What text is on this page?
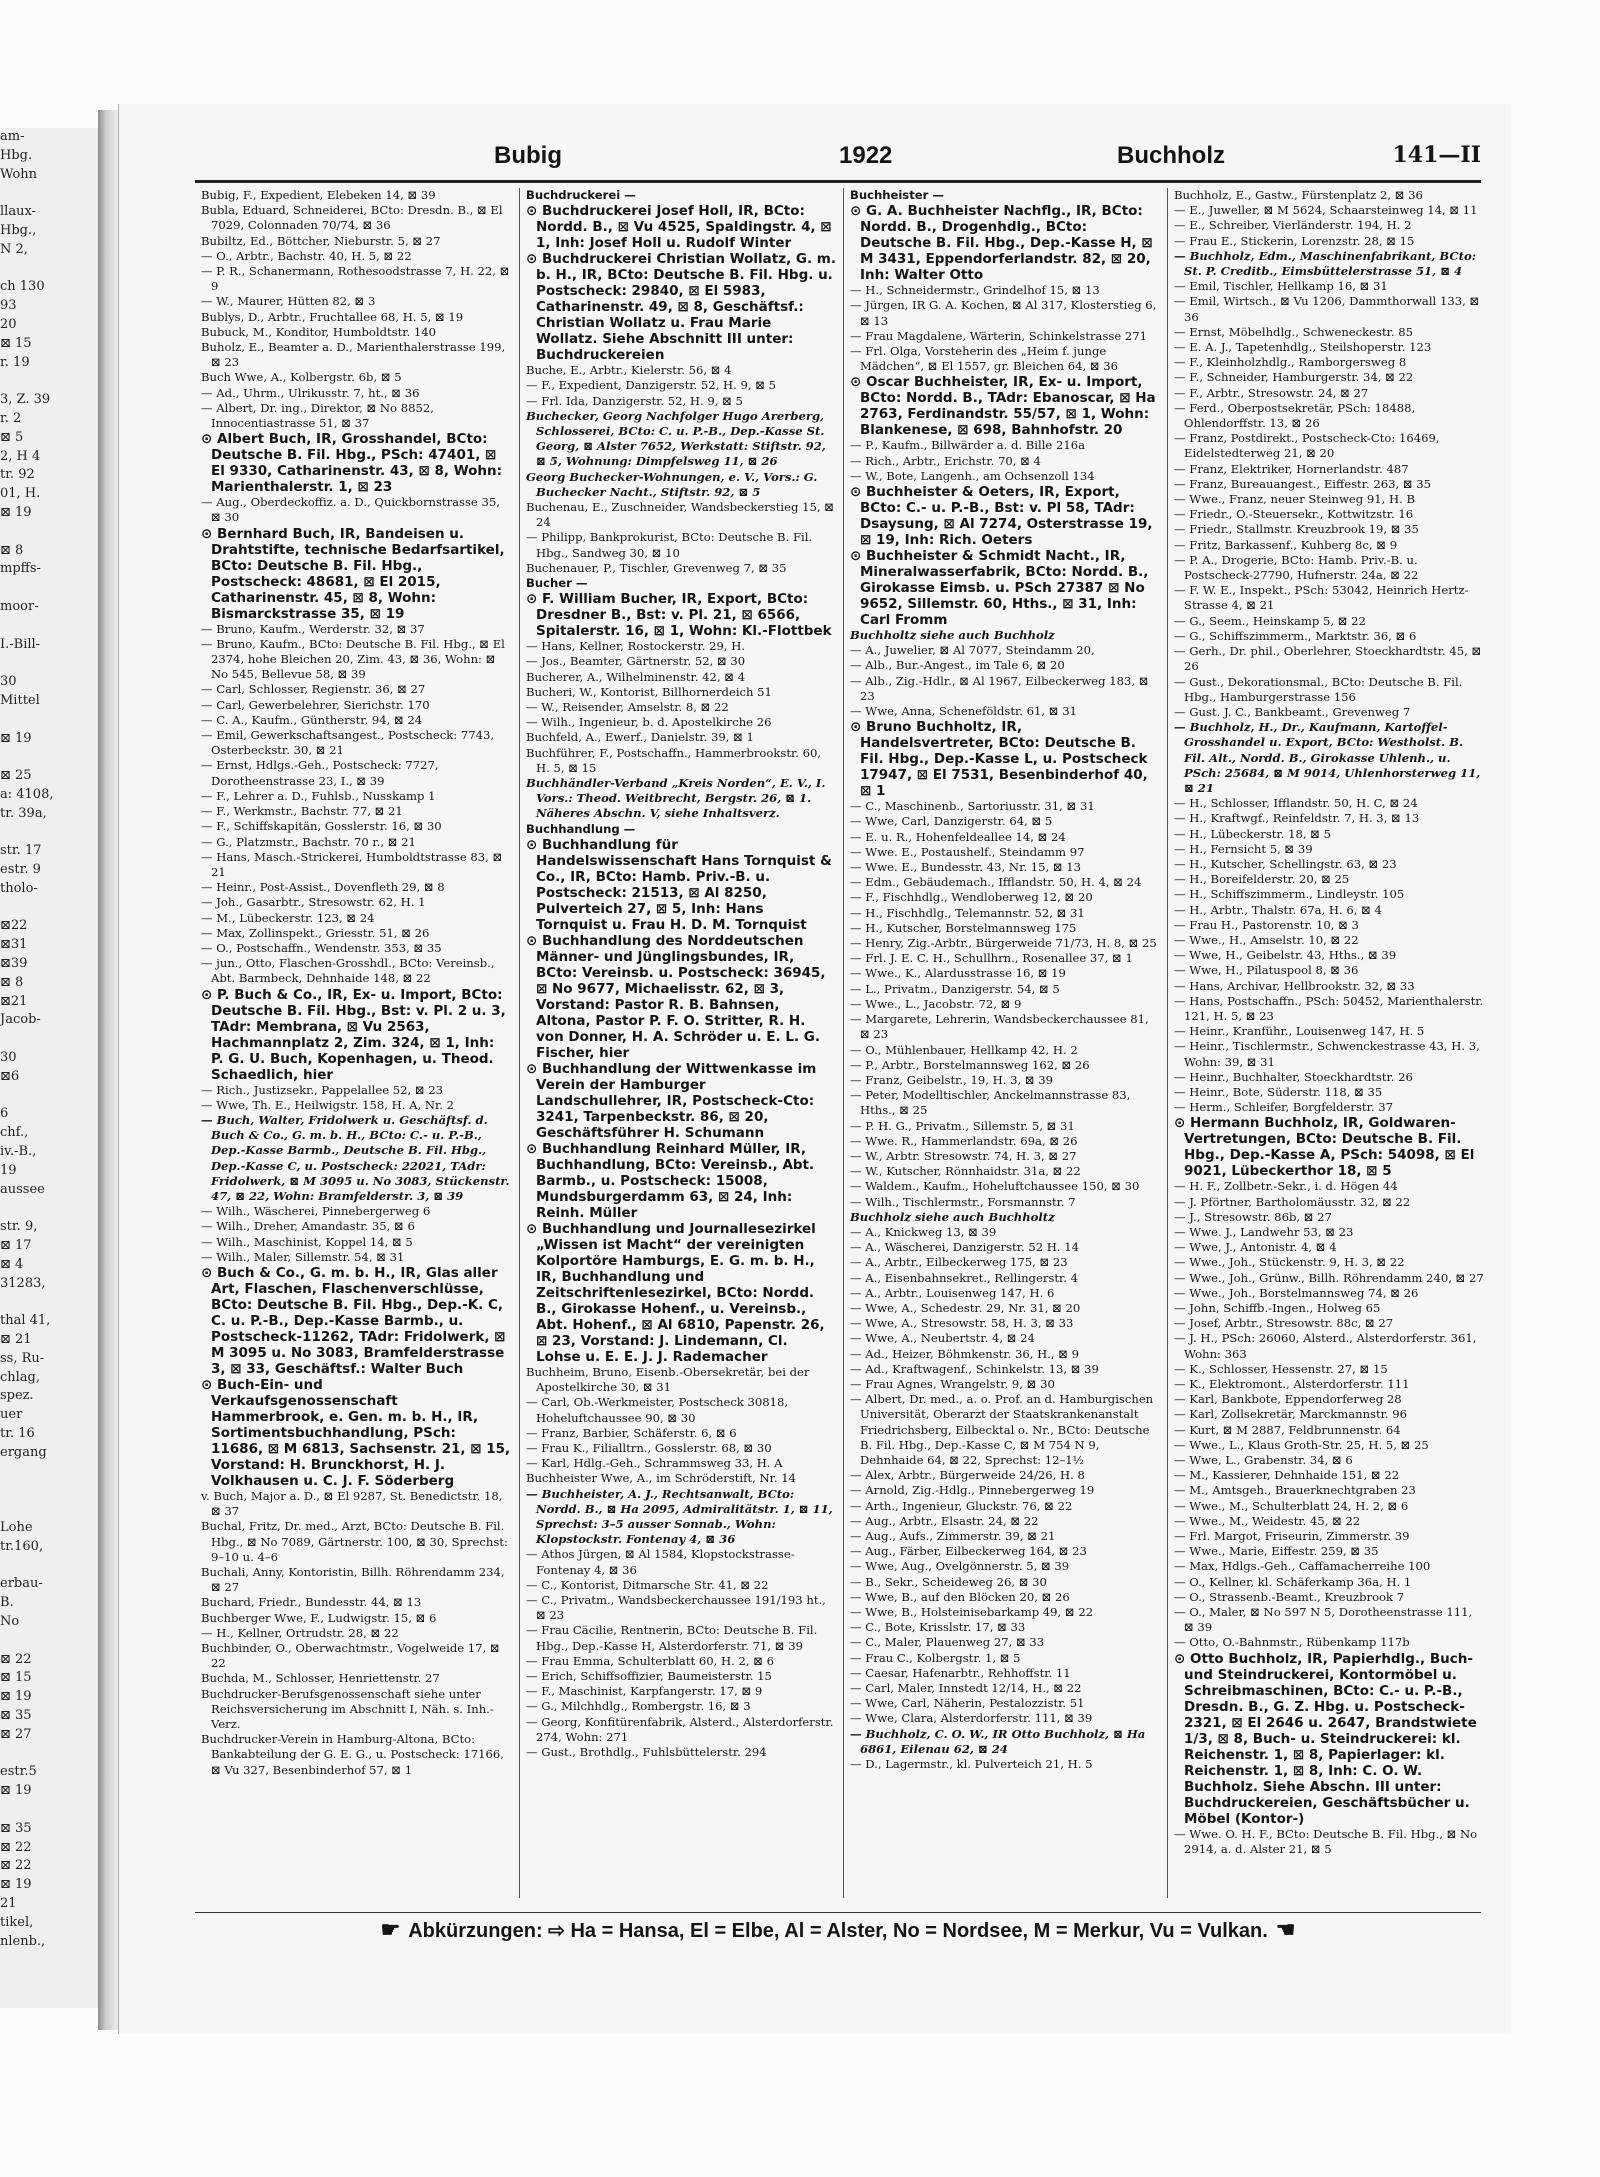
am-
Hbg.
Wohn

llaux-
Hbg.,
N 2,

ch 130
93
20
⊠ 15
r. 19

3, Z. 39
r. 2
⊠ 5
2, H 4
tr. 92
01, H.
⊠ 19

⊠ 8
mpffs-

moor-

I.-Bill-

30
Mittel

⊠ 19

⊠ 25
a: 4108,
tr. 39a,

str. 17
estr. 9
tholo-

⊠22
⊠31
⊠39
⊠ 8
⊠21
Jacob-

30
⊠6

6
chf.,
iv.-B.,
19
aussee

str. 9,
⊠ 17
⊠ 4
31283,

thal 41,
⊠ 21
ss, Ru-
chlag,
spez.
uer
tr. 16
ergang

Lohe
tr.160,

erbau-
B.
No

⊠ 22
⊠ 15
⊠ 19
⊠ 35
⊠ 27

estr.5
⊠ 19

⊠ 35
⊠ 22
⊠ 22
⊠ 19
21
tikel,
nlenb.,
Bubig	1922	Buchholz	141—II

Bubig, F., Expedient, Elebeken 14, ⊠ 39

Bubla, Eduard, Schneiderei, BCto: Dresdn. B., ⊠ El 7029, Colonnaden 70/74, ⊠ 36

Bubiltz, Ed., Böttcher, Nieburstr. 5, ⊠ 27

— O., Arbtr., Bachstr. 40, H. 5, ⊠ 22

— P. R., Schanermann, Rothesoodstrasse 7, H. 22, ⊠ 9

— W., Maurer, Hütten 82, ⊠ 3

Bublys, D., Arbtr., Fruchtallee 68, H. 5, ⊠ 19

Bubuck, M., Konditor, Humboldtstr. 140

Buholz, E., Beamter a. D., Marienthalerstrasse 199, ⊠ 23

Buch Wwe, A., Kolbergstr. 6b, ⊠ 5

— Ad., Uhrm., Ulrikusstr. 7, ht., ⊠ 36

— Albert, Dr. ing., Direktor, ⊠ No 8852, Innocentiastrasse 51, ⊠ 37

⊙ Albert Buch, IR, Grosshandel, BCto: Deutsche B. Fil. Hbg., PSch: 47401, ⊠ El 9330, Catharinenstr. 43, ⊠ 8, Wohn: Marienthalerstr. 1, ⊠ 23

— Aug., Oberdeckoffiz. a. D., Quickbornstrasse 35, ⊠ 30

⊙ Bernhard Buch, IR, Bandeisen u. Drahtstifte, technische Bedarfsartikel, BCto: Deutsche B. Fil. Hbg., Postscheck: 48681, ⊠ El 2015, Catharinenstr. 45, ⊠ 8, Wohn: Bismarckstrasse 35, ⊠ 19

— Bruno, Kaufm., Werderstr. 32, ⊠ 37

— Bruno, Kaufm., BCto: Deutsche B. Fil. Hbg., ⊠ El 2374, hohe Bleichen 20, Zim. 43, ⊠ 36, Wohn: ⊠ No 545, Bellevue 58, ⊠ 39

— Carl, Schlosser, Regienstr. 36, ⊠ 27

— Carl, Gewerbelehrer, Sierichstr. 170

— C. A., Kaufm., Güntherstr. 94, ⊠ 24

— Emil, Gewerkschaftsangest., Postscheck: 7743, Osterbeckstr. 30, ⊠ 21

— Ernst, Hdlgs.-Geh., Postscheck: 7727, Dorotheenstrasse 23, I., ⊠ 39

— F., Lehrer a. D., Fuhlsb., Nusskamp 1

— F., Werkmstr., Bachstr. 77, ⊠ 21

— F., Schiffskapitän, Gosslerstr. 16, ⊠ 30

— G., Platzmstr., Bachstr. 70 r., ⊠ 21

— Hans, Masch.-Strickerei, Humboldtstrasse 83, ⊠ 21

— Heinr., Post-Assist., Dovenfleth 29, ⊠ 8

— Joh., Gasarbtr., Stresowstr. 62, H. 1

— M., Lübeckerstr. 123, ⊠ 24

— Max, Zollinspekt., Griesstr. 51, ⊠ 26

— O., Postschaffn., Wendenstr. 353, ⊠ 35

— jun., Otto, Flaschen-Grosshdl., BCto: Vereinsb., Abt. Barmbeck, Dehnhaide 148, ⊠ 22

⊙ P. Buch & Co., IR, Ex- u. Import, BCto: Deutsche B. Fil. Hbg., Bst: v. Pl. 2 u. 3, TAdr: Membrana, ⊠ Vu 2563, Hachmannplatz 2, Zim. 324, ⊠ 1, Inh: P. G. U. Buch, Kopenhagen, u. Theod. Schaedlich, hier

— Rich., Justizsekr., Pappelallee 52, ⊠ 23

— Wwe, Th. E., Heilwigstr. 158, H. A, Nr. 2

— Buch, Walter, Fridolwerk u. Geschäftsf. d. Buch & Co., G. m. b. H., BCto: C.- u. P.-B., Dep.-Kasse Barmb., Deutsche B. Fil. Hbg., Dep.-Kasse C, u. Postscheck: 22021, TAdr: Fridolwerk, ⊠ M 3095 u. No 3083, Stückenstr. 47, ⊠ 22, Wohn: Bramfelderstr. 3, ⊠ 39

— Wilh., Wäscherei, Pinnebergerweg 6

— Wilh., Dreher, Amandastr. 35, ⊠ 6

— Wilh., Maschinist, Koppel 14, ⊠ 5

— Wilh., Maler, Sillemstr. 54, ⊠ 31

⊙ Buch & Co., G. m. b. H., IR, Glas aller Art, Flaschen, Flaschenverschlüsse, BCto: Deutsche B. Fil. Hbg., Dep.-K. C, C. u. P.-B., Dep.-Kasse Barmb., u. Postscheck-11262, TAdr: Fridolwerk, ⊠ M 3095 u. No 3083, Bramfelderstrasse 3, ⊠ 33, Geschäftsf.: Walter Buch

⊙ Buch-Ein- und Verkaufsgenossenschaft Hammerbrook, e. Gen. m. b. H., IR, Sortimentsbuchhandlung, PSch: 11686, ⊠ M 6813, Sachsenstr. 21, ⊠ 15, Vorstand: H. Brunckhorst, H. J. Volkhausen u. C. J. F. Söderberg

v. Buch, Major a. D., ⊠ El 9287, St. Benedictstr. 18, ⊠ 37

Buchal, Fritz, Dr. med., Arzt, BCto: Deutsche B. Fil. Hbg., ⊠ No 7089, Gärtnerstr. 100, ⊠ 30, Sprechst: 9–10 u. 4–6

Buchali, Anny, Kontoristin, Billh. Röhrendamm 234, ⊠ 27

Buchard, Friedr., Bundesstr. 44, ⊠ 13

Buchberger Wwe, F., Ludwigstr. 15, ⊠ 6

— H., Kellner, Ortrudstr. 28, ⊠ 22

Buchbinder, O., Oberwachtmstr., Vogelweide 17, ⊠ 22

Buchda, M., Schlosser, Henriettenstr. 27

Buchdrucker-Berufsgenossenschaft siehe unter Reichsversicherung im Abschnitt I, Näh. s. Inh.-Verz.

Buchdrucker-Verein in Hamburg-Altona, BCto: Bankabteilung der G. E. G., u. Postscheck: 17166, ⊠ Vu 327, Besenbinderhof 57, ⊠ 1

Buchdruckerei —

⊙ Buchdruckerei Josef Holl, IR, BCto: Nordd. B., ⊠ Vu 4525, Spaldingstr. 4, ⊠ 1, Inh: Josef Holl u. Rudolf Winter

⊙ Buchdruckerei Christian Wollatz, G. m. b. H., IR, BCto: Deutsche B. Fil. Hbg. u. Postscheck: 29840, ⊠ El 5983, Catharinenstr. 49, ⊠ 8, Geschäftsf.: Christian Wollatz u. Frau Marie Wollatz. Siehe Abschnitt III unter: Buchdruckereien

Buche, E., Arbtr., Kielerstr. 56, ⊠ 4

— F., Expedient, Danzigerstr. 52, H. 9, ⊠ 5

— Frl. Ida, Danzigerstr. 52, H. 9, ⊠ 5

Buchecker, Georg Nachfolger Hugo Arerberg, Schlosserei, BCto: C. u. P.-B., Dep.-Kasse St. Georg, ⊠ Alster 7652, Werkstatt: Stiftstr. 92, ⊠ 5, Wohnung: Dimpfelsweg 11, ⊠ 26

Georg Buchecker-Wohnungen, e. V., Vors.: G. Buchecker Nacht., Stiftstr. 92, ⊠ 5

Buchenau, E., Zuschneider, Wandsbeckerstieg 15, ⊠ 24

— Philipp, Bankprokurist, BCto: Deutsche B. Fil. Hbg., Sandweg 30, ⊠ 10

Buchenauer, P., Tischler, Grevenweg 7, ⊠ 35

Bucher —

⊙ F. William Bucher, IR, Export, BCto: Dresdner B., Bst: v. Pl. 21, ⊠ 6566, Spitalerstr. 16, ⊠ 1, Wohn: Kl.-Flottbek

— Hans, Kellner, Rostockerstr. 29, H.

— Jos., Beamter, Gärtnerstr. 52, ⊠ 30

Bucherer, A., Wilhelminenstr. 42, ⊠ 4

Bucheri, W., Kontorist, Billhornerdeich 51

— W., Reisender, Amselstr. 8, ⊠ 22

— Wilh., Ingenieur, b. d. Apostelkirche 26

Buchfeld, A., Ewerf., Danielstr. 39, ⊠ 1

Buchführer, F., Postschaffn., Hammerbrookstr. 60, H. 5, ⊠ 15

Buchhändler-Verband „Kreis Norden“, E. V., I. Vors.: Theod. Weitbrecht, Bergstr. 26, ⊠ 1. Näheres Abschn. V, siehe Inhaltsverz.

Buchhandlung —

⊙ Buchhandlung für Handelswissenschaft Hans Tornquist & Co., IR, BCto: Hamb. Priv.-B. u. Postscheck: 21513, ⊠ Al 8250, Pulverteich 27, ⊠ 5, Inh: Hans Tornquist u. Frau H. D. M. Tornquist

⊙ Buchhandlung des Norddeutschen Männer- und Jünglingsbundes, IR, BCto: Vereinsb. u. Postscheck: 36945, ⊠ No 9677, Michaelisstr. 62, ⊠ 3, Vorstand: Pastor R. B. Bahnsen, Altona, Pastor P. F. O. Stritter, R. H. von Donner, H. A. Schröder u. E. L. G. Fischer, hier

⊙ Buchhandlung der Wittwenkasse im Verein der Hamburger Landschullehrer, IR, Postscheck-Cto: 3241, Tarpenbeckstr. 86, ⊠ 20, Geschäftsführer H. Schumann

⊙ Buchhandlung Reinhard Müller, IR, Buchhandlung, BCto: Vereinsb., Abt. Barmb., u. Postscheck: 15008, Mundsburgerdamm 63, ⊠ 24, Inh: Reinh. Müller

⊙ Buchhandlung und Journallesezirkel „Wissen ist Macht“ der vereinigten Kolportöre Hamburgs, E. G. m. b. H., IR, Buchhandlung und Zeitschriftenlesezirkel, BCto: Nordd. B., Girokasse Hohenf., u. Vereinsb., Abt. Hohenf., ⊠ Al 6810, Papenstr. 26, ⊠ 23, Vorstand: J. Lindemann, Cl. Lohse u. E. E. J. J. Rademacher

Buchheim, Bruno, Eisenb.-Obersekretär, bei der Apostelkirche 30, ⊠ 31

— Carl, Ob.-Werkmeister, Postscheck 30818, Hoheluftchaussee 90, ⊠ 30

— Franz, Barbier, Schäferstr. 6, ⊠ 6

— Frau K., Filialltrn., Gosslerstr. 68, ⊠ 30

— Karl, Hdlg.-Geh., Schrammsweg 33, H. A

Buchheister Wwe, A., im Schröderstift, Nr. 14

— Buchheister, A. J., Rechtsanwalt, BCto: Nordd. B., ⊠ Ha 2095, Admiralitätstr. 1, ⊠ 11, Sprechst: 3–5 ausser Sonnab., Wohn: Klopstockstr. Fontenay 4, ⊠ 36

— Athos Jürgen, ⊠ Al 1584, Klopstockstrasse-Fontenay 4, ⊠ 36

— C., Kontorist, Ditmarsche Str. 41, ⊠ 22

— C., Privatm., Wandsbeckerchaussee 191/193 ht., ⊠ 23

— Frau Cäcilie, Rentnerin, BCto: Deutsche B. Fil. Hbg., Dep.-Kasse H, Alsterdorferstr. 71, ⊠ 39

— Frau Emma, Schulterblatt 60, H. 2, ⊠ 6

— Erich, Schiffsoffizier, Baumeisterstr. 15

— F., Maschinist, Karpfangerstr. 17, ⊠ 9

— G., Milchhdlg., Rombergstr. 16, ⊠ 3

— Georg, Konfitürenfabrik, Alsterd., Alsterdorferstr. 274, Wohn: 271

— Gust., Brothdlg., Fuhlsbüttelerstr. 294

Buchheister —

⊙ G. A. Buchheister Nachflg., IR, BCto: Nordd. B., Drogenhdlg., BCto: Deutsche B. Fil. Hbg., Dep.-Kasse H, ⊠ M 3431, Eppendorferlandstr. 82, ⊠ 20, Inh: Walter Otto

— H., Schneidermstr., Grindelhof 15, ⊠ 13

— Jürgen, IR G. A. Kochen, ⊠ Al 317, Klosterstieg 6, ⊠ 13

— Frau Magdalene, Wärterin, Schinkelstrasse 271

— Frl. Olga, Vorsteherin des „Heim f. junge Mädchen“, ⊠ El 1557, gr. Bleichen 64, ⊠ 36

⊙ Oscar Buchheister, IR, Ex- u. Import, BCto: Nordd. B., TAdr: Ebanoscar, ⊠ Ha 2763, Ferdinandstr. 55/57, ⊠ 1, Wohn: Blankenese, ⊠ 698, Bahnhofstr. 20

— P., Kaufm., Billwärder a. d. Bille 216a

— Rich., Arbtr., Erichstr. 70, ⊠ 4

— W., Bote, Langenh., am Ochsenzoll 134

⊙ Buchheister & Oeters, IR, Export, BCto: C.- u. P.-B., Bst: v. Pl 58, TAdr: Dsaysung, ⊠ Al 7274, Osterstrasse 19, ⊠ 19, Inh: Rich. Oeters

⊙ Buchheister & Schmidt Nacht., IR, Mineralwasserfabrik, BCto: Nordd. B., Girokasse Eimsb. u. PSch 27387 ⊠ No 9652, Sillemstr. 60, Hths., ⊠ 31, Inh: Carl Fromm

Buchholtz siehe auch Buchholz

— A., Juwelier, ⊠ Al 7077, Steindamm 20,

— Alb., Bur.-Angest., im Tale 6, ⊠ 20

— Alb., Zig.-Hdlr., ⊠ Al 1967, Eilbeckerweg 183, ⊠ 23

— Wwe, Anna, Scheneföldstr. 61, ⊠ 31

⊙ Bruno Buchholtz, IR, Handelsvertreter, BCto: Deutsche B. Fil. Hbg., Dep.-Kasse L, u. Postscheck 17947, ⊠ El 7531, Besenbinderhof 40, ⊠ 1

— C., Maschinenb., Sartoriusstr. 31, ⊠ 31

— Wwe, Carl, Danzigerstr. 64, ⊠ 5

— E. u. R., Hohenfeldeallee 14, ⊠ 24

— Wwe. E., Postaushelf., Steindamm 97

— Wwe. E., Bundesstr. 43, Nr. 15, ⊠ 13

— Edm., Gebäudemach., Ifflandstr. 50, H. 4, ⊠ 24

— F., Fischhdlg., Wendloberweg 12, ⊠ 20

— H., Fischhdlg., Telemannstr. 52, ⊠ 31

— H., Kutscher, Borstelmannsweg 175

— Henry, Zig.-Arbtr., Bürgerweide 71/73, H. 8, ⊠ 25

— Frl. J. E. C. H., Schullhrn., Rosenallee 37, ⊠ 1

— Wwe., K., Alardusstrasse 16, ⊠ 19

— L., Privatm., Danzigerstr. 54, ⊠ 5

— Wwe., L., Jacobstr. 72, ⊠ 9

— Margarete, Lehrerin, Wandsbeckerchaussee 81, ⊠ 23

— O., Mühlenbauer, Hellkamp 42, H. 2

— P., Arbtr., Borstelmannsweg 162, ⊠ 26

— Franz, Geibelstr., 19, H. 3, ⊠ 39

— Peter, Modelltischler, Anckelmannstrasse 83, Hths., ⊠ 25

— P. H. G., Privatm., Sillemstr. 5, ⊠ 31

— Wwe. R., Hammerlandstr. 69a, ⊠ 26

— W., Arbtr. Stresowstr. 74, H. 3, ⊠ 27

— W., Kutscher, Rönnhaidstr. 31a, ⊠ 22

— Waldem., Kaufm., Hoheluftchaussee 150, ⊠ 30

— Wilh., Tischlermstr., Forsmannstr. 7

Buchholz siehe auch Buchholtz

— A., Knickweg 13, ⊠ 39

— A., Wäscherei, Danzigerstr. 52 H. 14

— A., Arbtr., Eilbeckerweg 175, ⊠ 23

— A., Eisenbahnsekret., Rellingerstr. 4

— A., Arbtr., Louisenweg 147, H. 6

— Wwe, A., Schedestr. 29, Nr. 31, ⊠ 20

— Wwe, A., Stresowstr. 58, H. 3, ⊠ 33

— Wwe, A., Neubertstr. 4, ⊠ 24

— Ad., Heizer, Böhmkenstr. 36, H., ⊠ 9

— Ad., Kraftwagenf., Schinkelstr. 13, ⊠ 39

— Frau Agnes, Wrangelstr. 9, ⊠ 30

— Albert, Dr. med., a. o. Prof. an d. Hamburgischen Universität, Oberarzt der Staatskrankenanstalt Friedrichsberg, Eilbecktal o. Nr., BCto: Deutsche B. Fil. Hbg., Dep.-Kasse C, ⊠ M 754 N 9, Dehnhaide 64, ⊠ 22, Sprechst: 12–1½

— Alex, Arbtr., Bürgerweide 24/26, H. 8

— Arnold, Zig.-Hdlg., Pinnebergerweg 19

— Arth., Ingenieur, Gluckstr. 76, ⊠ 22

— Aug., Arbtr., Elsastr. 24, ⊠ 22

— Aug., Aufs., Zimmerstr. 39, ⊠ 21

— Aug., Färber, Eilbeckerweg 164, ⊠ 23

— Wwe, Aug., Ovelgönnerstr. 5, ⊠ 39

— B., Sekr., Scheideweg 26, ⊠ 30

— Wwe, B., auf den Blöcken 20, ⊠ 26

— Wwe, B., Holsteinisebarkamp 49, ⊠ 22

— C., Bote, Krisslstr. 17, ⊠ 33

— C., Maler, Plauenweg 27, ⊠ 33

— Frau C., Kolbergstr. 1, ⊠ 5

— Caesar, Hafenarbtr., Rehhoffstr. 11

— Carl, Maler, Innstedt 12/14, H., ⊠ 22

— Wwe, Carl, Näherin, Pestalozzistr. 51

— Wwe, Clara, Alsterdorferstr. 111, ⊠ 39

— Buchholz, C. O. W., IR Otto Buchholz, ⊠ Ha 6861, Eilenau 62, ⊠ 24

— D., Lagermstr., kl. Pulverteich 21, H. 5

Buchholz, E., Gastw., Fürstenplatz 2, ⊠ 36

— E., Juweller, ⊠ M 5624, Schaarsteinweg 14, ⊠ 11

— E., Schreiber, Vierländerstr. 194, H. 2

— Frau E., Stickerin, Lorenzstr. 28, ⊠ 15

— Buchholz, Edm., Maschinenfabrikant, BCto: St. P. Creditb., Eimsbüttelerstrasse 51, ⊠ 4

— Emil, Tischler, Hellkamp 16, ⊠ 31

— Emil, Wirtsch., ⊠ Vu 1206, Dammthorwall 133, ⊠ 36

— Ernst, Möbelhdlg., Schweneckestr. 85

— E. A. J., Tapetenhdlg., Steilshoperstr. 123

— F., Kleinholzhdlg., Ramborgersweg 8

— F., Schneider, Hamburgerstr. 34, ⊠ 22

— F., Arbtr., Stresowstr. 24, ⊠ 27

— Ferd., Oberpostsekretär, PSch: 18488, Ohlendorffstr. 13, ⊠ 26

— Franz, Postdirekt., Postscheck-Cto: 16469, Eidelstedterweg 21, ⊠ 20

— Franz, Elektriker, Hornerlandstr. 487

— Franz, Bureauangest., Eiffestr. 263, ⊠ 35

— Wwe., Franz, neuer Steinweg 91, H. B

— Friedr., O.-Steuersekr., Kottwitzstr. 16

— Friedr., Stallmstr. Kreuzbrook 19, ⊠ 35

— Fritz, Barkassenf., Kuhberg 8c, ⊠ 9

— P. A., Drogerie, BCto: Hamb. Priv.-B. u. Postscheck-27790, Hufnerstr. 24a, ⊠ 22

— F. W. E., Inspekt., PSch: 53042, Heinrich Hertz-Strasse 4, ⊠ 21

— G., Seem., Heinskamp 5, ⊠ 22

— G., Schiffszimmerm., Marktstr. 36, ⊠ 6

— Gerh., Dr. phil., Oberlehrer, Stoeckhardtstr. 45, ⊠ 26

— Gust., Dekorationsmal., BCto: Deutsche B. Fil. Hbg., Hamburgerstrasse 156

— Gust. J. C., Bankbeamt., Grevenweg 7

— Buchholz, H., Dr., Kaufmann, Kartoffel-Grosshandel u. Export, BCto: Westholst. B. Fil. Alt., Nordd. B., Girokasse Uhlenh., u. PSch: 25684, ⊠ M 9014, Uhlenhorsterweg 11, ⊠ 21

— H., Schlosser, Ifflandstr. 50, H. C, ⊠ 24

— H., Kraftwgf., Reinfeldstr. 7, H. 3, ⊠ 13

— H., Lübeckerstr. 18, ⊠ 5

— H., Fernsicht 5, ⊠ 39

— H., Kutscher, Schellingstr. 63, ⊠ 23

— H., Boreifelderstr. 20, ⊠ 25

— H., Schiffszimmerm., Lindleystr. 105

— H., Arbtr., Thalstr. 67a, H. 6, ⊠ 4

— Frau H., Pastorenstr. 10, ⊠ 3

— Wwe., H., Amselstr. 10, ⊠ 22

— Wwe, H., Geibelstr. 43, Hths., ⊠ 39

— Wwe, H., Pilatuspool 8, ⊠ 36

— Hans, Archivar, Hellbrookstr. 32, ⊠ 33

— Hans, Postschaffn., PSch: 50452, Marienthalerstr. 121, H. 5, ⊠ 23

— Heinr., Kranführ., Louisenweg 147, H. 5

— Heinr., Tischlermstr., Schwenckestrasse 43, H. 3, Wohn: 39, ⊠ 31

— Heinr., Buchhalter, Stoeckhardtstr. 26

— Heinr., Bote, Süderstr. 118, ⊠ 35

— Herm., Schleifer, Borgfelderstr. 37

⊙ Hermann Buchholz, IR, Goldwaren-Vertretungen, BCto: Deutsche B. Fil. Hbg., Dep.-Kasse A, PSch: 54098, ⊠ El 9021, Lübeckerthor 18, ⊠ 5

— H. F., Zollbetr.-Sekr., i. d. Högen 44

— J. Pförtner, Bartholomäusstr. 32, ⊠ 22

— J., Stresowstr. 86b, ⊠ 27

— Wwe. J., Landwehr 53, ⊠ 23

— Wwe, J., Antonistr. 4, ⊠ 4

— Wwe., Joh., Stückenstr. 9, H. 3, ⊠ 22

— Wwe., Joh., Grünw., Billh. Röhrendamm 240, ⊠ 27

— Wwe., Joh., Borstelmannsweg 74, ⊠ 26

— John, Schiffb.-Ingen., Holweg 65

— Josef, Arbtr., Stresowstr. 88c, ⊠ 27

— J. H., PSch: 26060, Alsterd., Alsterdorferstr. 361, Wohn: 363

— K., Schlosser, Hessenstr. 27, ⊠ 15

— K., Elektromont., Alsterdorferstr. 111

— Karl, Bankbote, Eppendorferweg 28

— Karl, Zollsekretär, Marckmannstr. 96

— Kurt, ⊠ M 2887, Feldbrunnenstr. 64

— Wwe., L., Klaus Groth-Str. 25, H. 5, ⊠ 25

— Wwe, L., Grabenstr. 34, ⊠ 6

— M., Kassierer, Dehnhaide 151, ⊠ 22

— M., Amtsgeh., Brauerknechtgraben 23

— Wwe., M., Schulterblatt 24, H. 2, ⊠ 6

— Wwe., M., Weidestr. 45, ⊠ 22

— Frl. Margot, Friseurin, Zimmerstr. 39

— Wwe., Marie, Eiffestr. 259, ⊠ 35

— Max, Hdlgs.-Geh., Caffamacherreihe 100

— O., Kellner, kl. Schäferkamp 36a, H. 1

— O., Strassenb.-Beamt., Kreuzbrook 7

— O., Maler, ⊠ No 597 N 5, Dorotheenstrasse 111, ⊠ 39

— Otto, O.-Bahnmstr., Rübenkamp 117b

⊙ Otto Buchholz, IR, Papierhdlg., Buch- und Steindruckerei, Kontormöbel u. Schreibmaschinen, BCto: C.- u. P.-B., Dresdn. B., G. Z. Hbg. u. Postscheck-2321, ⊠ El 2646 u. 2647, Brandstwiete 1/3, ⊠ 8, Buch- u. Steindruckerei: kl. Reichenstr. 1, ⊠ 8, Papierlager: kl. Reichenstr. 1, ⊠ 8, Inh: C. O. W. Buchholz. Siehe Abschn. III unter: Buchdruckereien, Geschäftsbücher u. Möbel (Kontor-)

— Wwe. O. H. F., BCto: Deutsche B. Fil. Hbg., ⊠ No 2914, a. d. Alster 21, ⊠ 5

☛ Abkürzungen: ⇨ Ha = Hansa, El = Elbe, Al = Alster, No = Nordsee, M = Merkur, Vu = Vulkan. ☚
